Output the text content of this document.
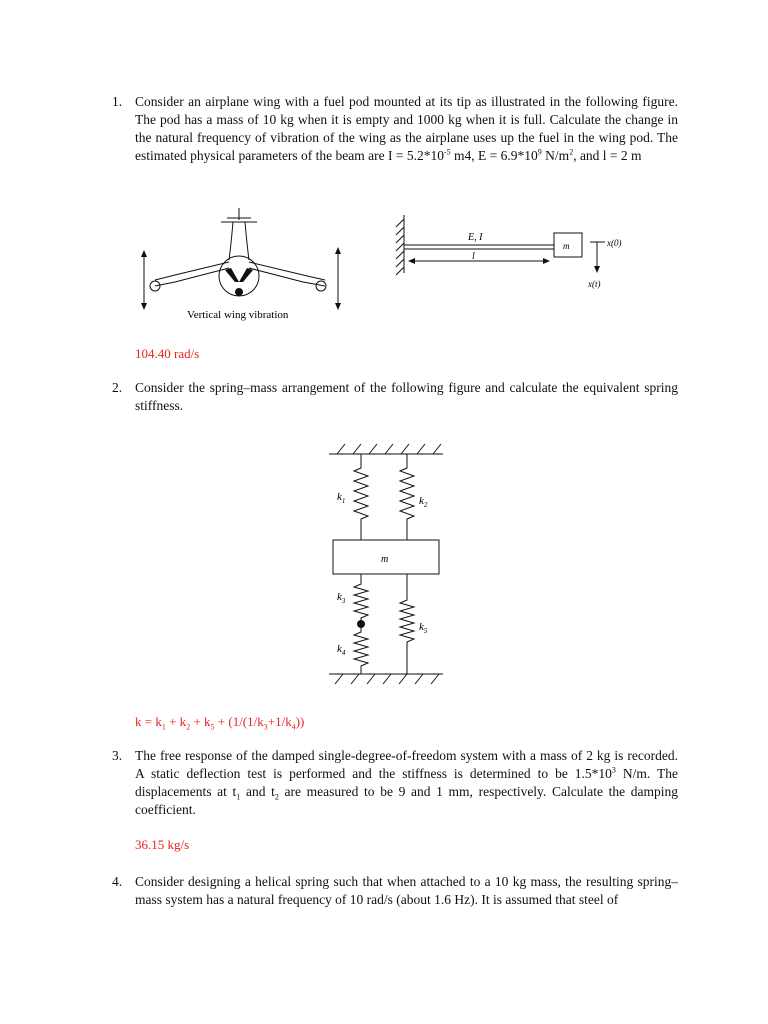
1. Consider an airplane wing with a fuel pod mounted at its tip as illustrated in the following figure. The pod has a mass of 10 kg when it is empty and 1000 kg when it is full. Calculate the change in the natural frequency of vibration of the wing as the airplane uses up the fuel in the wing pod. The estimated physical parameters of the beam are $I = 5.2*10^{-5}$ m4, $E = 6.9*10^9$ $N/m^2$, and l = 2 m
Vertical wing vibration
E, I
l
m	x(0)
x(t)
104.40 rad/s
2. Consider the spring–mass arrangement of the following figure and calculate the equivalent spring stiffness.
m
$k_1$	$k_2$
$k_3$
$k_4$
$k_5$
$k = k_1 + k_2 + k_5 + (1/(1/k_3+1/k_4))$
3. The free response of the damped single-degree-of-freedom system with a mass of 2 kg is recorded. A static deflection test is performed and the stiffness is determined to be $1.5*10^3$ N/m. The displacements at $t_1$ and $t_2$ are measured to be 9 and 1 mm, respectively. Calculate the damping coefficient.
36.15 kg/s
4. Consider designing a helical spring such that when attached to a 10 kg mass, the resulting spring–mass system has a natural frequency of 10 rad/s (about 1.6 Hz). It is assumed that steel of
